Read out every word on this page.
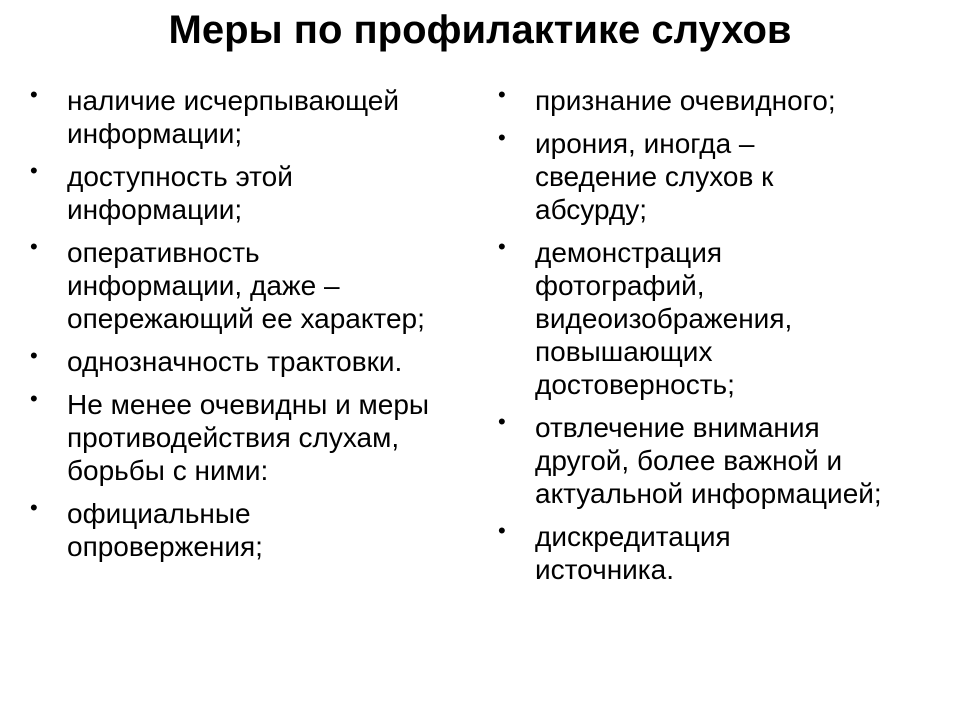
Меры по профилактике слухов
• наличие исчерпывающей информации;
• доступность этой информации;
• оперативность информации, даже – опережающий ее характер;
• однозначность трактовки.
• Не менее очевидны и меры противодействия слухам, борьбы с ними:
• официальные опровержения;
• признание очевидного;
• ирония, иногда – сведение слухов к абсурду;
• демонстрация фотографий, видеоизображения, повышающих достоверность;
• отвлечение внимания другой, более важной и актуальной информацией;
• дискредитация источника.
